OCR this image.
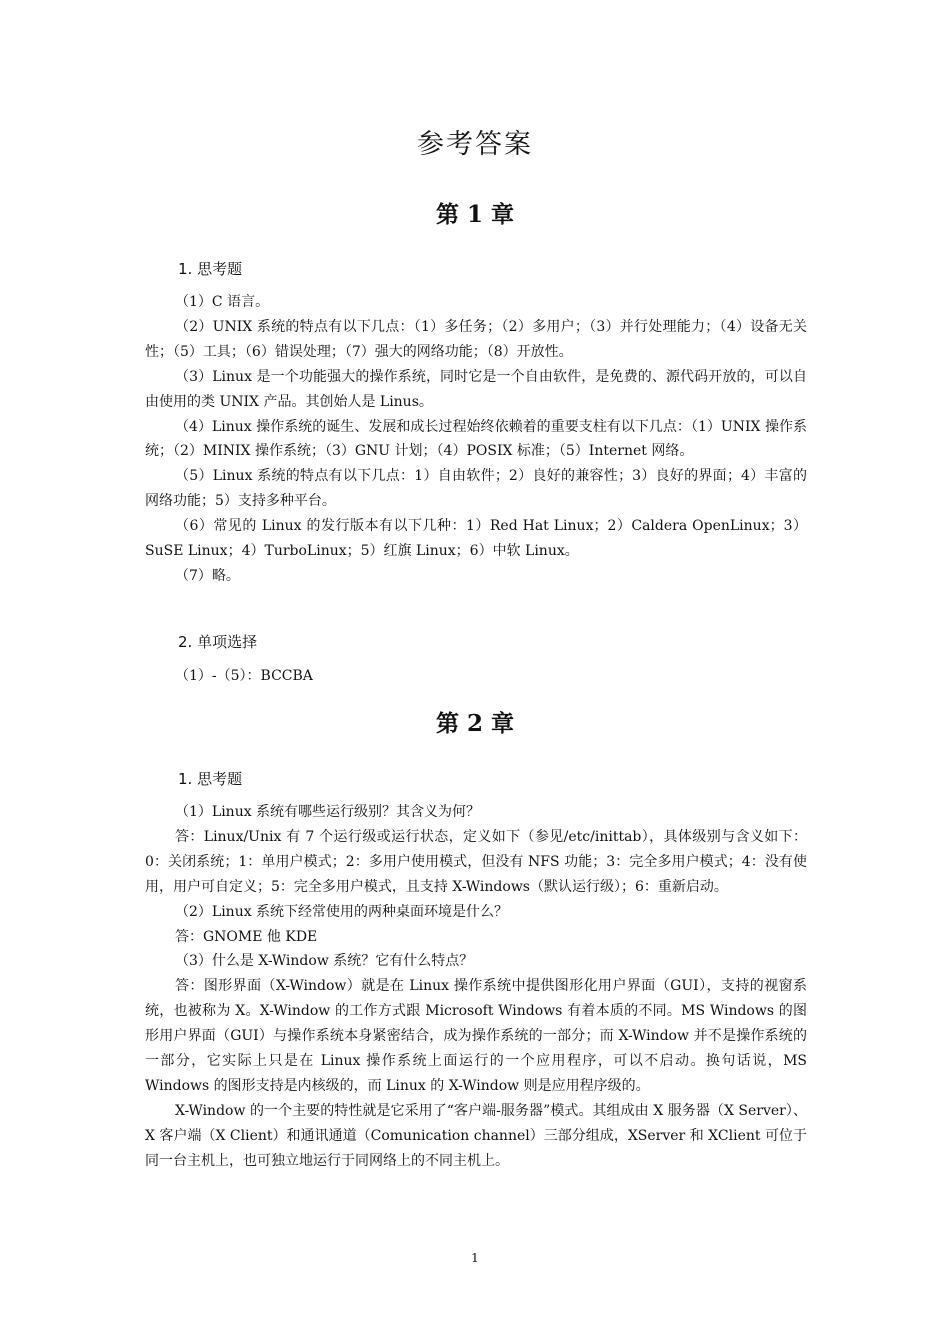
参考答案
第 1 章
1. 思考题

（1）C 语言。

（2）UNIX 系统的特点有以下几点：（1）多任务；（2）多用户；（3）并行处理能力；（4）设备无关性；（5）工具；（6）错误处理；（7）强大的网络功能；（8）开放性。

（3）Linux 是一个功能强大的操作系统，同时它是一个自由软件，是免费的、源代码开放的，可以自由使用的类 UNIX 产品。其创始人是 Linus。

（4）Linux 操作系统的诞生、发展和成长过程始终依赖着的重要支柱有以下几点：（1）UNIX 操作系统；（2）MINIX 操作系统；（3）GNU 计划；（4）POSIX 标准；（5）Internet 网络。

（5）Linux 系统的特点有以下几点：1）自由软件；2）良好的兼容性；3）良好的界面；4）丰富的网络功能；5）支持多种平台。

（6）常见的 Linux 的发行版本有以下几种：1）Red Hat Linux；2）Caldera OpenLinux；3）SuSE Linux；4）TurboLinux；5）红旗 Linux；6）中软 Linux。

（7）略。

2. 单项选择

（1）-（5）：BCCBA

第 2 章
1. 思考题

（1）Linux 系统有哪些运行级别？其含义为何？

答：Linux/Unix 有 7 个运行级或运行状态，定义如下（参见/etc/inittab），具体级别与含义如下：0：关闭系统；1：单用户模式；2：多用户使用模式，但没有 NFS 功能；3：完全多用户模式；4：没有使用，用户可自定义；5：完全多用户模式，且支持 X-Windows（默认运行级）；6：重新启动。

（2）Linux 系统下经常使用的两种桌面环境是什么？

答：GNOME 他 KDE

（3）什么是 X-Window 系统？它有什么特点？

答：图形界面（X-Window）就是在 Linux 操作系统中提供图形化用户界面（GUI），支持的视窗系统，也被称为 X。X-Window 的工作方式跟 Microsoft Windows 有着本质的不同。MS Windows 的图形用户界面（GUI）与操作系统本身紧密结合，成为操作系统的一部分；而 X-Window 并不是操作系统的一部分，它实际上只是在 Linux 操作系统上面运行的一个应用程序，可以不启动。换句话说，MS Windows 的图形支持是内核级的，而 Linux 的 X-Window 则是应用程序级的。

X-Window 的一个主要的特性就是它采用了“客户端-服务器”模式。其组成由 X 服务器（X Server）、X 客户端（X Client）和通讯通道（Comunication channel）三部分组成，XServer 和 XClient 可位于同一台主机上，也可独立地运行于同网络上的不同主机上。

1
